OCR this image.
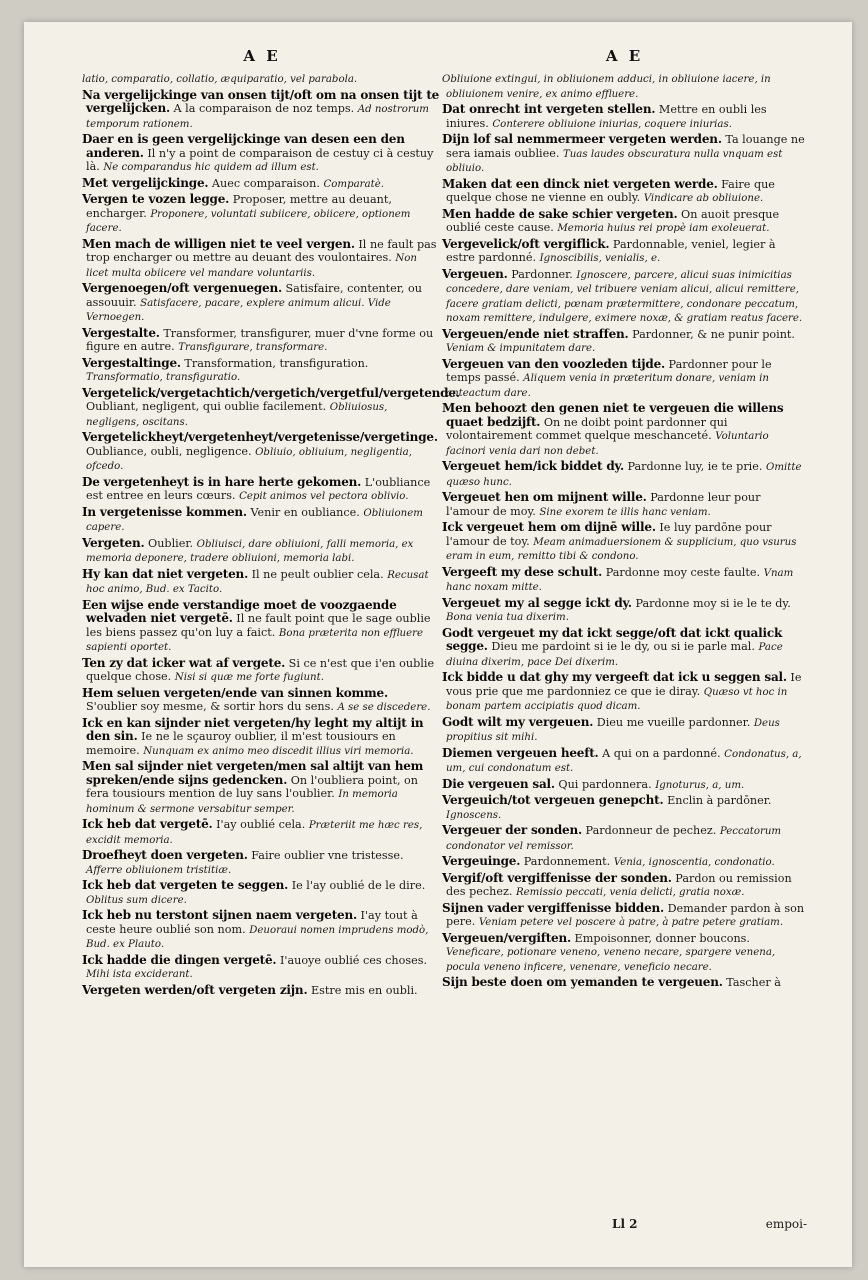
A E
latio, comparatio, collatio, æquiparatio, vel parabola.
Na vergelijckinge van onsen tijt/oft om na onsen tijt te vergelijcken. A la comparaison de noz temps. Ad nostrorum temporum rationem.
Daer en is geen vergelijckinge van desen een den anderen. Il n'y a point de comparaison de cestuy ci à cestuy là. Ne comparandus hic quidem ad illum est.
Met vergelijckinge. Auec comparaison. Comparatè.
Vergen te vozen legge. Proposer, mettre au deuant, encharger. Proponere, voluntati subiicere, obiicere, optionem facere.
Men mach de willigen niet te veel vergen. Il ne fault pas trop encharger ou mettre au deuant des voulontaires. Non licet multa obiicere vel mandare voluntariis.
Vergenoegen/oft vergenuegen. Satisfaire, contenter, ou assouuir. Satisfacere, pacare, explere animum alicui. Vide Vernoegen.
Vergestalte. Transformer, transfigurer, muer d'vne forme ou figure en autre. Transfigurare, transformare.
Vergestaltinge. Transformation, transfiguration. Transformatio, transfiguratio.
Vergetelick/vergetachtich/vergetich/vergetful/vergetende. Oubliant, negligent, qui oublie facilement. Obliuiosus, negligens, oscitans.
Vergetelickheyt/vergetenheyt/vergetenisse/vergetinge. Oubliance, oubli, negligence. Obliuio, obliuium, negligentia, ofcedo.
De vergetenheyt is in hare herte gekomen. L'oubliance est entree en leurs cœurs. Cepit animos vel pectora oblivio.
In vergetenisse kommen. Venir en oubliance. Obliuionem capere.
Vergeten. Oublier. Obliuisci, dare obliuioni, falli memoria, ex memoria deponere, tradere obliuioni, memoria labi.
Hy kan dat niet vergeten. Il ne peult oublier cela. Recusat hoc animo, Bud. ex Tacito.
Een wijse ende verstandige moet de voozgaende welvaden niet vergetē. Il ne fault point que le sage oublie les biens passez qu'on luy a faict. Bona præterita non effluere sapienti oportet.
Ten zy dat icker wat af vergete. Si ce n'est que i'en oublie quelque chose. Nisi si quæ me forte fugiunt.
Hem seluen vergeten/ende van sinnen komme. S'oublier soy mesme, & sortir hors du sens. A se se discedere.
Ick en kan sijnder niet vergeten/hy leght my altijt in den sin. Ie ne le sçauroy oublier, il m'est tousiours en memoire. Nunquam ex animo meo discedit illius viri memoria.
Men sal sijnder niet vergeten/men sal altijt van hem spreken/ende sijns gedencken. On l'oubliera point, on fera tousiours mention de luy sans l'oublier. In memoria hominum & sermone versabitur semper.
Ick heb dat vergetē. I'ay oublié cela. Præteriit me hæc res, excidit memoria.
Droefheyt doen vergeten. Faire oublier vne tristesse. Afferre obliuionem tristitiæ.
Ick heb dat vergeten te seggen. Ie l'ay oublié de le dire. Oblitus sum dicere.
Ick heb nu terstont sijnen naem vergeten. I'ay tout à ceste heure oublié son nom. Deuoraui nomen imprudens modò, Bud. ex Plauto.
Ick hadde die dingen vergetē. I'auoye oublié ces choses. Mihi ista exciderant.
Vergeten werden/oft vergeten zijn. Estre mis en oubli.
A E
Obliuione extingui, in obliuionem adduci, in obliuione iacere, in obliuionem venire, ex animo effluere.
Dat onrecht int vergeten stellen. Mettre en oubli les iniures. Conterere obliuione iniurias, coquere iniurias.
Dijn lof sal nemmermeer vergeten werden. Ta louange ne sera iamais oubliee. Tuas laudes obscuratura nulla vnquam est obliuio.
Maken dat een dinck niet vergeten werde. Faire que quelque chose ne vienne en oubly. Vindicare ab obliuione.
Men hadde de sake schier vergeten. On auoit presque oublié ceste cause. Memoria huius rei propè iam exoleuerat.
Vergevelick/oft vergiflick. Pardonnable, veniel, legier à estre pardonné. Ignoscibilis, venialis, e.
Vergeuen. Pardonner. Ignoscere, parcere, alicui suas inimicitias concedere, dare veniam, vel tribuere veniam alicui, alicui remittere, facere gratiam delicti, pœnam prætermittere, condonare peccatum, noxam remittere, indulgere, eximere noxæ, & gratiam reatus facere.
Vergeuen/ende niet straffen. Pardonner, & ne punir point. Veniam & impunitatem dare.
Vergeuen van den voozleden tijde. Pardonner pour le temps passé. Aliquem venia in præteritum donare, veniam in anteactum dare.
Men behoozt den genen niet te vergeuen die willens quaet bedzijft. On ne doibt point pardonner qui volontairement commet quelque meschanceté. Voluntario facinori venia dari non debet.
Vergeuet hem/ick biddet dy. Pardonne luy, ie te prie. Omitte quæso hunc.
Vergeuet hen om mijnent wille. Pardonne leur pour l'amour de moy. Sine exorem te illis hanc veniam.
Ick vergeuet hem om dijnē wille. Ie luy pardōne pour l'amour de toy. Meam animaduersionem & supplicium, quo vsurus eram in eum, remitto tibi & condono.
Vergeeft my dese schult. Pardonne moy ceste faulte. Vnam hanc noxam mitte.
Vergeuet my al segge ickt dy. Pardonne moy si ie le te dy. Bona venia tua dixerim.
Godt vergeuet my dat ickt segge/oft dat ickt qualick segge. Dieu me pardoint si ie le dy, ou si ie parle mal. Pace diuina dixerim, pace Dei dixerim.
Ick bidde u dat ghy my vergeeft dat ick u seggen sal. Ie vous prie que me pardonniez ce que ie diray. Quæso vt hoc in bonam partem accipiatis quod dicam.
Godt wilt my vergeuen. Dieu me vueille pardonner. Deus propitius sit mihi.
Diemen vergeuen heeft. A qui on a pardonné. Condonatus, a, um, cui condonatum est.
Die vergeuen sal. Qui pardonnera. Ignoturus, a, um.
Vergeuich/tot vergeuen genepcht. Enclin à pardōner. Ignoscens.
Vergeuer der sonden. Pardonneur de pechez. Peccatorum condonator vel remissor.
Vergeuinge. Pardonnement. Venia, ignoscentia, condonatio.
Vergif/oft vergiffenisse der sonden. Pardon ou remission des pechez. Remissio peccati, venia delicti, gratia noxæ.
Sijnen vader vergiffenisse bidden. Demander pardon à son pere. Veniam petere vel poscere à patre, à patre petere gratiam.
Vergeuen/vergiften. Empoisonner, donner boucons. Veneficare, potionare veneno, veneno necare, spargere venena, pocula veneno inficere, venenare, veneficio necare.
Sijn beste doen om yemanden te vergeuen. Tascher à
Ll 2	empoi-
